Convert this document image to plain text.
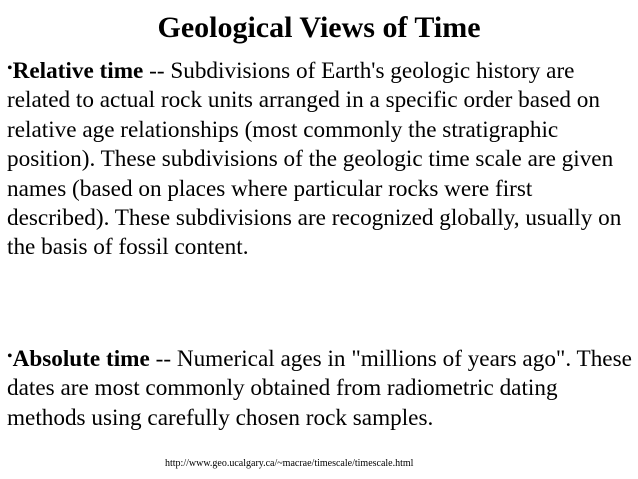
Geological Views of Time
•Relative time -- Subdivisions of Earth's geologic history are related to actual rock units arranged in a specific order based on relative age relationships (most commonly the stratigraphic position). These subdivisions of the geologic time scale are given names (based on places where particular rocks were first described). These subdivisions are recognized globally, usually on the basis of fossil content.
•Absolute time -- Numerical ages in "millions of years ago". These dates are most commonly obtained from radiometric dating methods using carefully chosen rock samples.
http://www.geo.ucalgary.ca/~macrae/timescale/timescale.html
